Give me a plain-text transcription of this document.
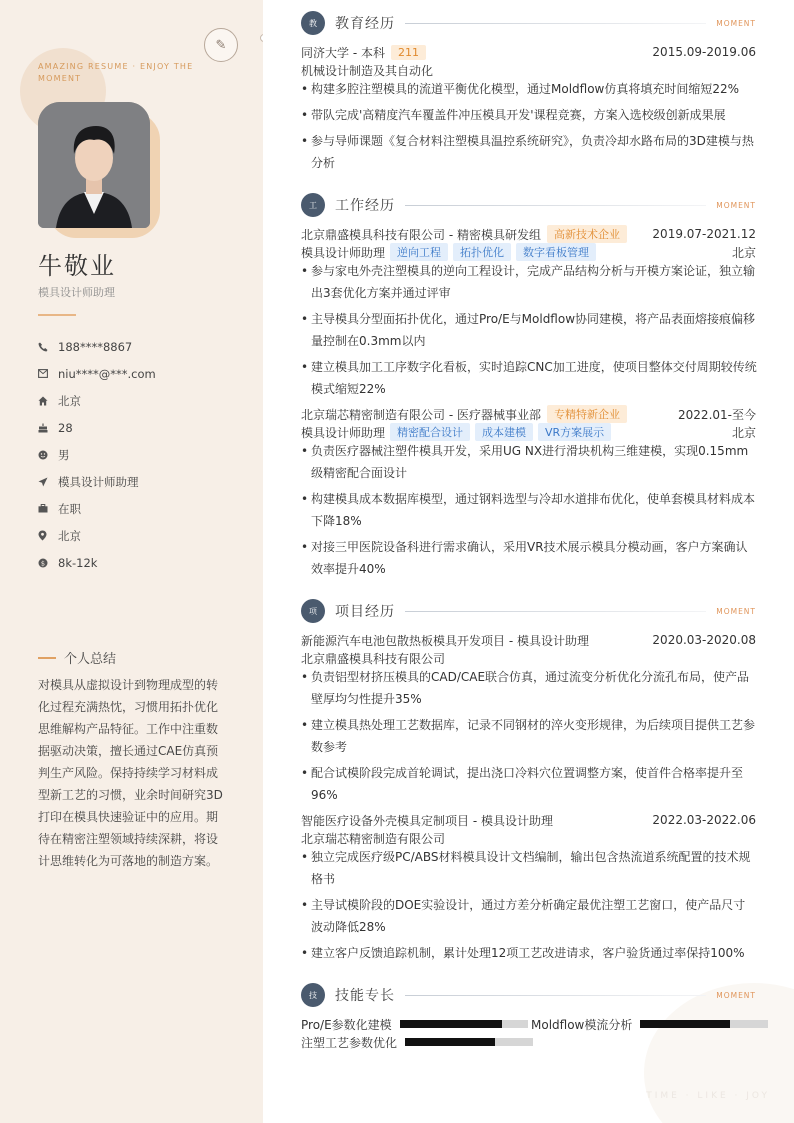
✎
AMAZING RESUME · ENJOY THE MOMENT
牛敬业
模具设计师助理
188****8867
niu****@***.com
北京
28
男
模具设计师助理
在职
北京
$ 8k-12k
个人总结
对模具从虚拟设计到物理成型的转化过程充满热忱，习惯用拓扑优化思维解构产品特征。工作中注重数据驱动决策，擅长通过CAE仿真预判生产风险。保持持续学习材料成型新工艺的习惯，业余时间研究3D打印在模具快速验证中的应用。期待在精密注塑领域持续深耕，将设计思维转化为可落地的制造方案。
TIME · LIKE · JOY
教	教育经历	MOMENT
同济大学 - 本科	211	2015.09-2019.06
机械设计制造及其自动化
• 构建多腔注塑模具的流道平衡优化模型，通过Moldflow仿真将填充时间缩短22%
• 带队完成'高精度汽车覆盖件冲压模具开发'课程竞赛，方案入选校级创新成果展
• 参与导师课题《复合材料注塑模具温控系统研究》，负责冷却水路布局的3D建模与热分析
工	工作经历	MOMENT
北京鼎盛模具科技有限公司 - 精密模具研发组	高新技术企业	2019.07-2021.12
模具设计师助理	逆向工程	拓扑优化	数字看板管理	北京
• 参与家电外壳注塑模具的逆向工程设计，完成产品结构分析与开模方案论证，独立输出3套优化方案并通过评审
• 主导模具分型面拓扑优化，通过Pro/E与Moldflow协同建模，将产品表面熔接痕偏移量控制在0.3mm以内
• 建立模具加工工序数字化看板，实时追踪CNC加工进度，使项目整体交付周期较传统模式缩短22%
北京瑞芯精密制造有限公司 - 医疗器械事业部	专精特新企业	2022.01-至今
模具设计师助理	精密配合设计	成本建模	VR方案展示	北京
• 负责医疗器械注塑件模具开发，采用UG NX进行滑块机构三维建模，实现0.15mm级精密配合面设计
• 构建模具成本数据库模型，通过钢料选型与冷却水道排布优化，使单套模具材料成本下降18%
• 对接三甲医院设备科进行需求确认，采用VR技术展示模具分模动画，客户方案确认效率提升40%
项	项目经历	MOMENT
新能源汽车电池包散热板模具开发项目 - 模具设计助理	2020.03-2020.08
北京鼎盛模具科技有限公司
• 负责铝型材挤压模具的CAD/CAE联合仿真，通过流变分析优化分流孔布局，使产品壁厚均匀性提升35%
• 建立模具热处理工艺数据库，记录不同钢材的淬火变形规律，为后续项目提供工艺参数参考
• 配合试模阶段完成首轮调试，提出浇口冷料穴位置调整方案，使首件合格率提升至96%
智能医疗设备外壳模具定制项目 - 模具设计助理	2022.03-2022.06
北京瑞芯精密制造有限公司
• 独立完成医疗级PC/ABS材料模具设计文档编制，输出包含热流道系统配置的技术规格书
• 主导试模阶段的DOE实验设计，通过方差分析确定最优注塑工艺窗口，使产品尺寸波动降低28%
• 建立客户反馈追踪机制，累计处理12项工艺改进请求，客户验货通过率保持100%
技	技能专长	MOMENT
Pro/E参数化建模	Moldflow模流分析
注塑工艺参数优化
